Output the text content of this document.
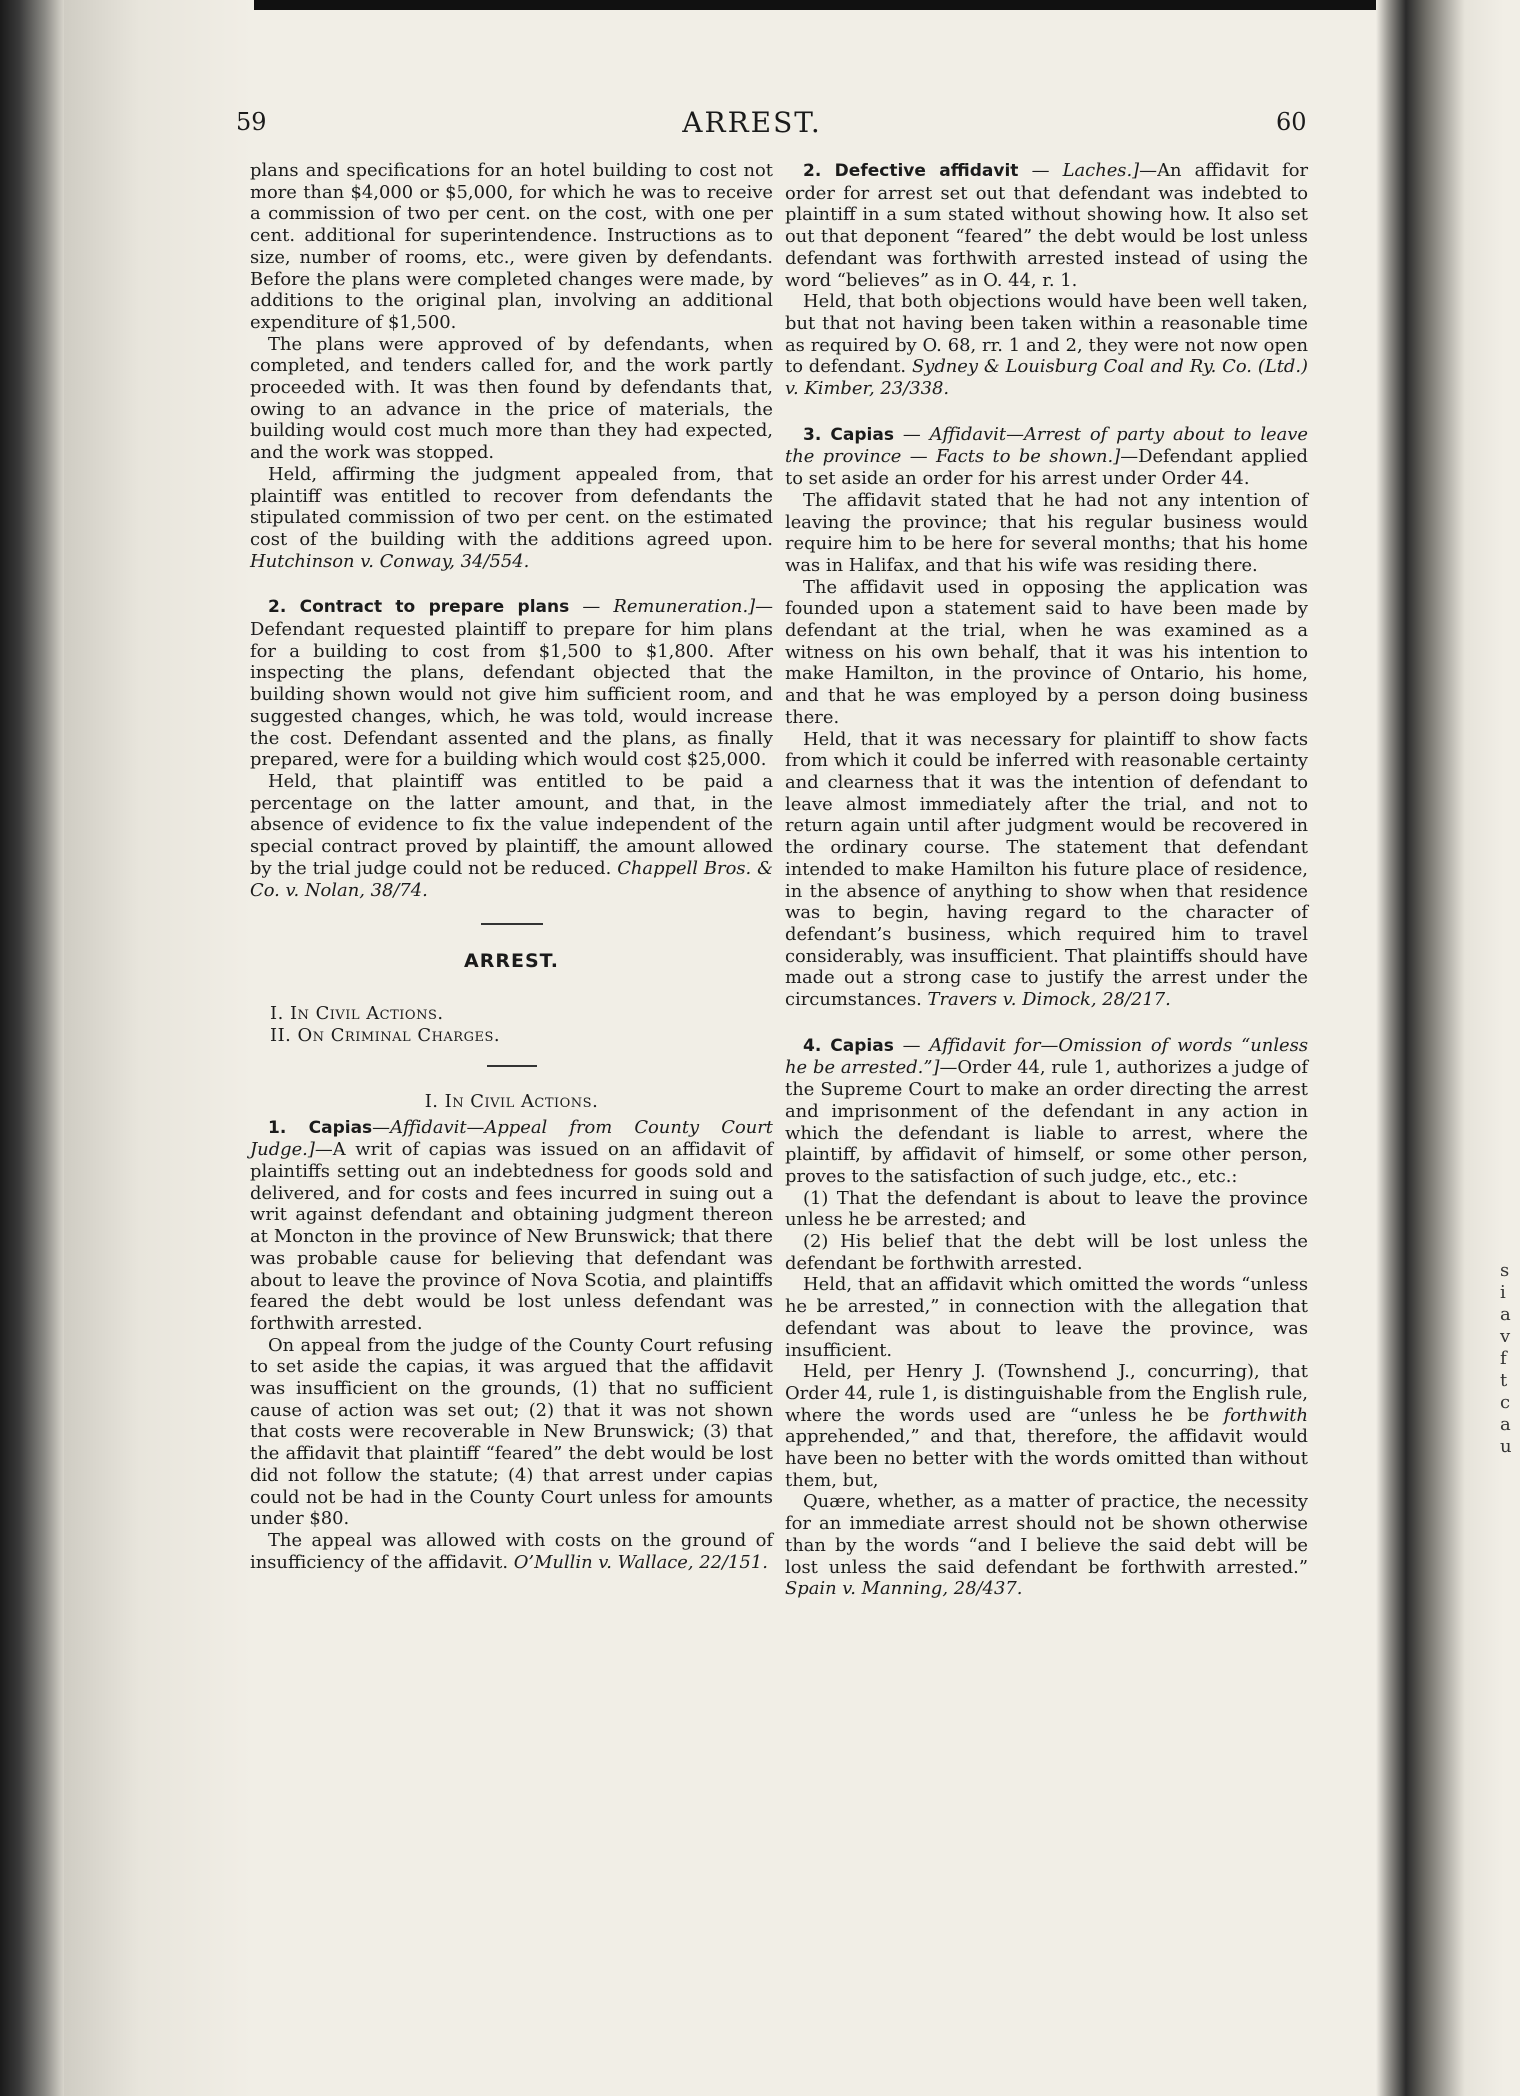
59	ARREST.	60

plans and specifications for an hotel building to cost not more than $4,000 or $5,000, for which he was to receive a commission of two per cent. on the cost, with one per cent. additional for superintendence. Instructions as to size, number of rooms, etc., were given by defendants. Before the plans were completed changes were made, by additions to the original plan, involving an additional expenditure of $1,500.

The plans were approved of by defendants, when completed, and tenders called for, and the work partly proceeded with. It was then found by defendants that, owing to an advance in the price of materials, the building would cost much more than they had expected, and the work was stopped.

Held, affirming the judgment appealed from, that plaintiff was entitled to recover from defendants the stipulated commission of two per cent. on the estimated cost of the building with the additions agreed upon. Hutchinson v. Conway, 34/554.

2. Contract to prepare plans — Remuneration.]—Defendant requested plaintiff to prepare for him plans for a building to cost from $1,500 to $1,800. After inspecting the plans, defendant objected that the building shown would not give him sufficient room, and suggested changes, which, he was told, would increase the cost. Defendant assented and the plans, as finally prepared, were for a building which would cost $25,000.

Held, that plaintiff was entitled to be paid a percentage on the latter amount, and that, in the absence of evidence to fix the value independent of the special contract proved by plaintiff, the amount allowed by the trial judge could not be reduced. Chappell Bros. & Co. v. Nolan, 38/74.

ARREST.
I. In Civil Actions.
II. On Criminal Charges.
I. In Civil Actions.

1. Capias—Affidavit—Appeal from County Court Judge.]—A writ of capias was issued on an affidavit of plaintiffs setting out an indebtedness for goods sold and delivered, and for costs and fees incurred in suing out a writ against defendant and obtaining judgment thereon at Moncton in the province of New Brunswick; that there was probable cause for believing that defendant was about to leave the province of Nova Scotia, and plaintiffs feared the debt would be lost unless defendant was forthwith arrested.

On appeal from the judge of the County Court refusing to set aside the capias, it was argued that the affidavit was insufficient on the grounds, (1) that no sufficient cause of action was set out; (2) that it was not shown that costs were recoverable in New Brunswick; (3) that the affidavit that plaintiff “feared” the debt would be lost did not follow the statute; (4) that arrest under capias could not be had in the County Court unless for amounts under $80.

The appeal was allowed with costs on the ground of insufficiency of the affidavit. O’Mullin v. Wallace, 22/151.

2. Defective affidavit — Laches.]—An affidavit for order for arrest set out that defendant was indebted to plaintiff in a sum stated without showing how. It also set out that deponent “feared” the debt would be lost unless defendant was forthwith arrested instead of using the word “believes” as in O. 44, r. 1.

Held, that both objections would have been well taken, but that not having been taken within a reasonable time as required by O. 68, rr. 1 and 2, they were not now open to defendant. Sydney & Louisburg Coal and Ry. Co. (Ltd.) v. Kimber, 23/338.

3. Capias — Affidavit—Arrest of party about to leave the province — Facts to be shown.]—Defendant applied to set aside an order for his arrest under Order 44.

The affidavit stated that he had not any intention of leaving the province; that his regular business would require him to be here for several months; that his home was in Halifax, and that his wife was residing there.

The affidavit used in opposing the application was founded upon a statement said to have been made by defendant at the trial, when he was examined as a witness on his own behalf, that it was his intention to make Hamilton, in the province of Ontario, his home, and that he was employed by a person doing business there.

Held, that it was necessary for plaintiff to show facts from which it could be inferred with reasonable certainty and clearness that it was the intention of defendant to leave almost immediately after the trial, and not to return again until after judgment would be recovered in the ordinary course. The statement that defendant intended to make Hamilton his future place of residence, in the absence of anything to show when that residence was to begin, having regard to the character of defendant’s business, which required him to travel considerably, was insufficient. That plaintiffs should have made out a strong case to justify the arrest under the circumstances. Travers v. Dimock, 28/217.

4. Capias — Affidavit for—Omission of words “unless he be arrested.”]—Order 44, rule 1, authorizes a judge of the Supreme Court to make an order directing the arrest and imprisonment of the defendant in any action in which the defendant is liable to arrest, where the plaintiff, by affidavit of himself, or some other person, proves to the satisfaction of such judge, etc., etc.:

(1) That the defendant is about to leave the province unless he be arrested; and

(2) His belief that the debt will be lost unless the defendant be forthwith arrested.

Held, that an affidavit which omitted the words “unless he be arrested,” in connection with the allegation that defendant was about to leave the province, was insufficient.

Held, per Henry J. (Townshend J., concurring), that Order 44, rule 1, is distinguishable from the English rule, where the words used are “unless he be forthwith apprehended,” and that, therefore, the affidavit would have been no better with the words omitted than without them, but,

Quære, whether, as a matter of practice, the necessity for an immediate arrest should not be shown otherwise than by the words “and I believe the said debt will be lost unless the said defendant be forthwith arrested.” Spain v. Manning, 28/437.

s
i
a
v
f
t
c
a
u
